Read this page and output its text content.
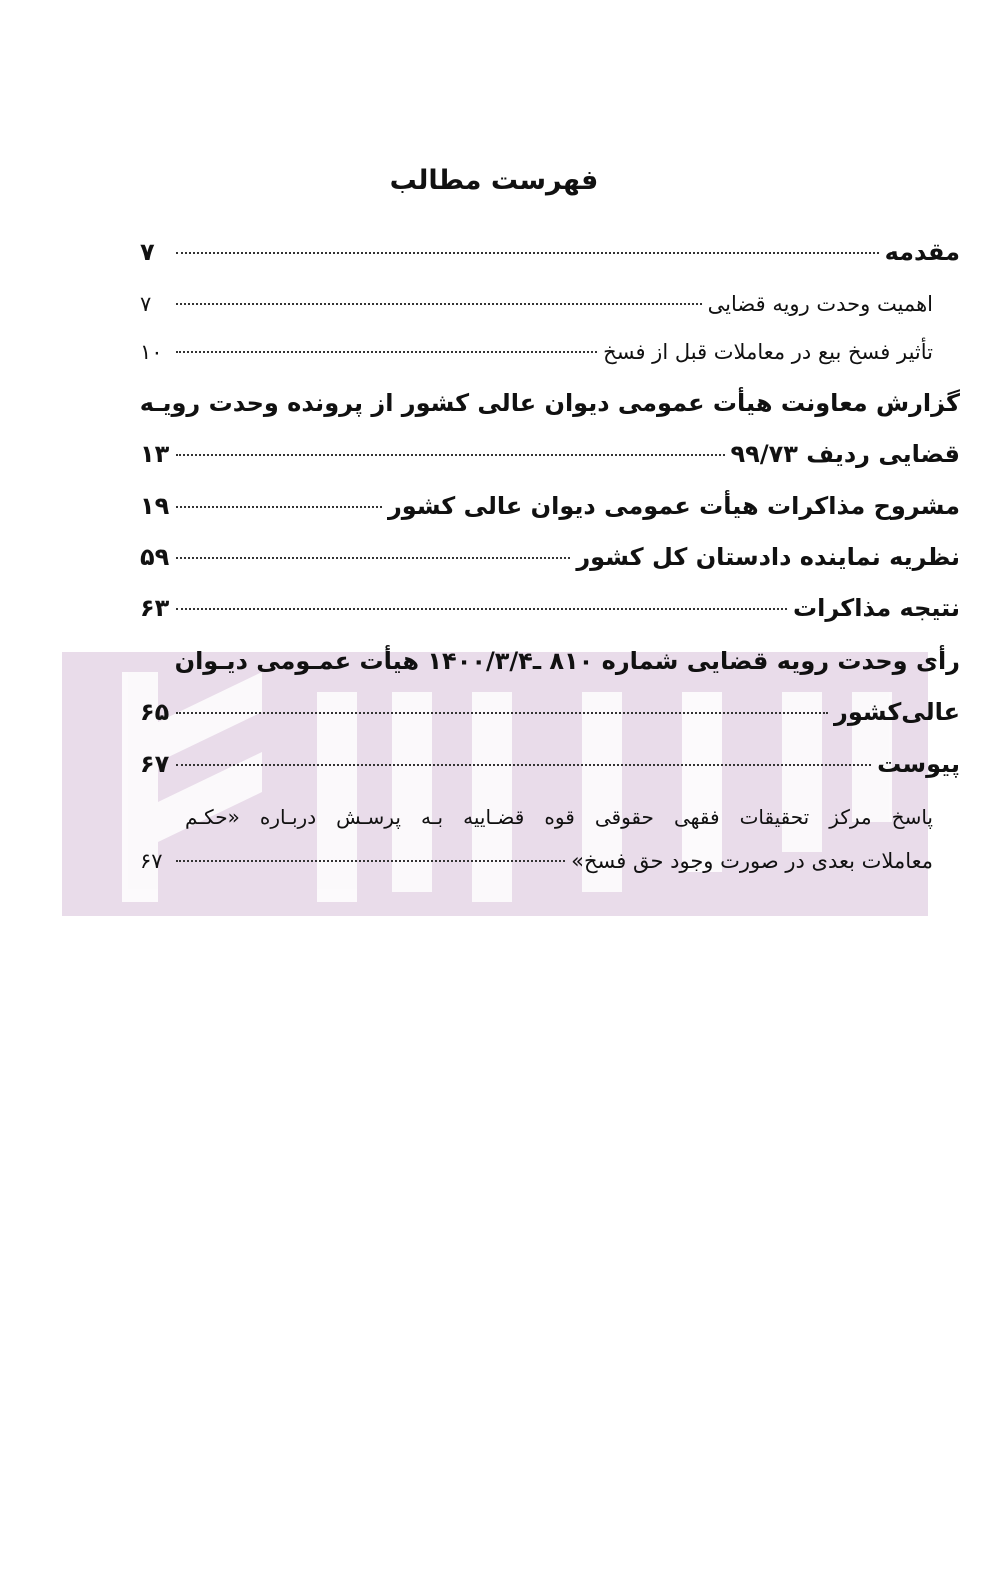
فهرست مطالب
مقدمه
۷
اهمیت وحدت رویه قضایی
۷
تأثیر فسخ بیع در معاملات قبل از فسخ
۱۰
گزارش معاونت هیأت عمومی دیوان عالی کشور از پرونده وحدت رویـه
قضایی ردیف ۹۹/۷۳
۱۳
مشروح مذاکرات هیأت عمومی دیوان عالی کشور
۱۹
نظریه نماینده دادستان کل کشور
۵۹
نتیجه مذاکرات
۶۳
رأی وحدت رویه قضایی شماره ۸۱۰ ـ۱۴۰۰/۳/۴ هیأت عمـومی دیـوان
عالی‌کشور
۶۵
پیوست
۶۷
پاسخ مرکز تحقیقات فقهی حقوقی قوه قضـاییه بـه پرسـش دربـاره «حکـم
معاملات بعدی در صورت وجود حق فسخ»
۶۷
